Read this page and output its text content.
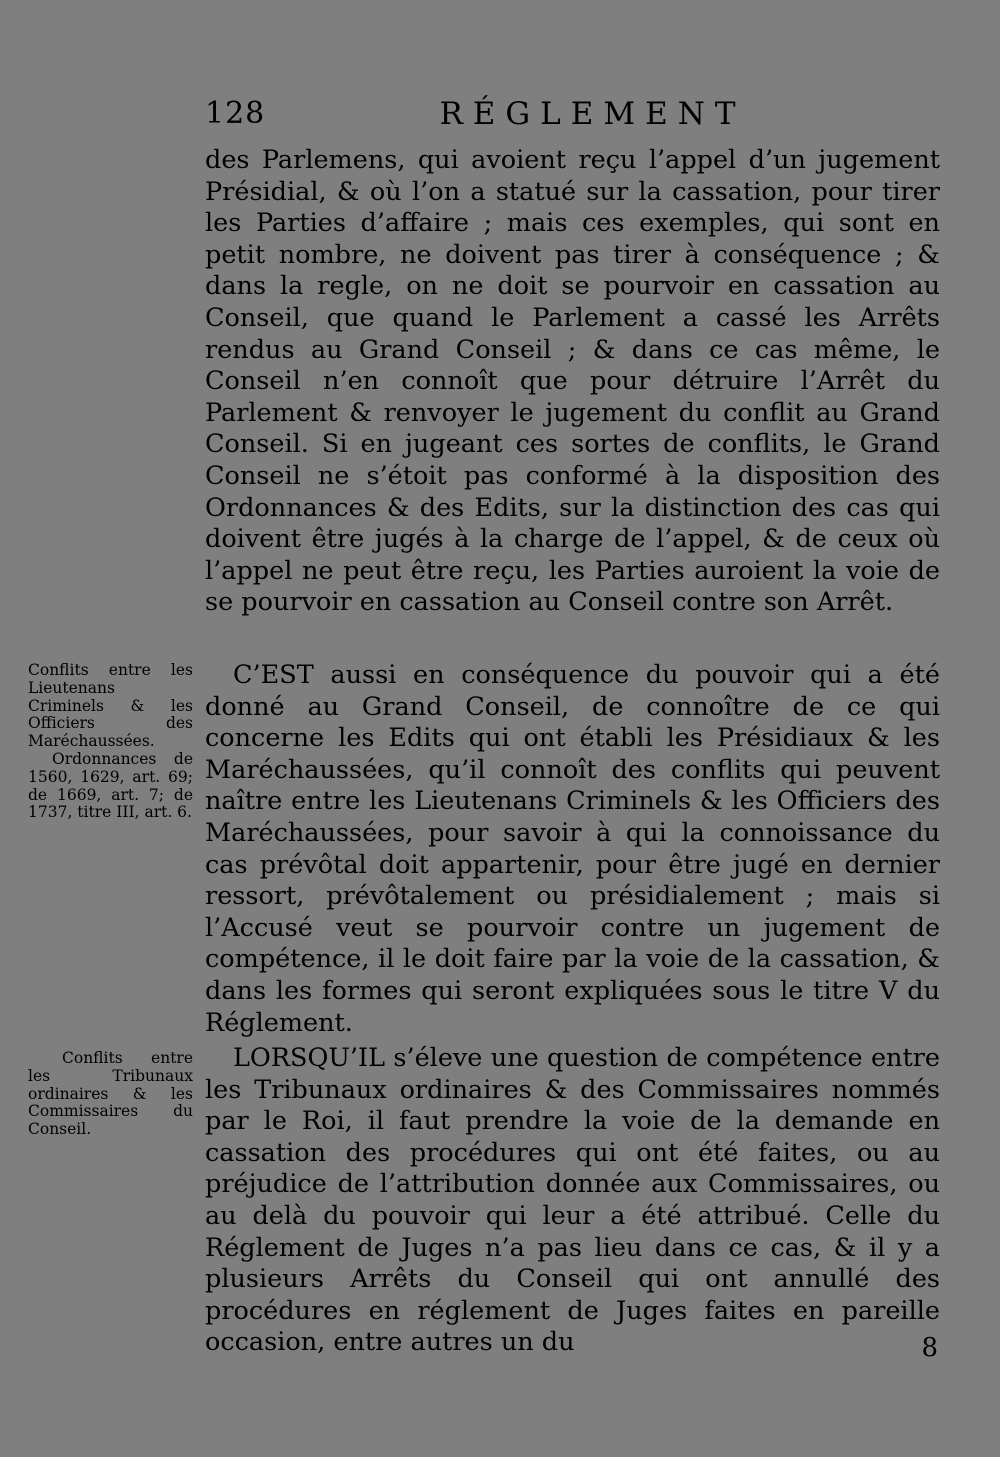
128	RÉGLEMENT

des Parlemens, qui avoient reçu l’appel d’un jugement Présidial, & où l’on a statué sur la cassation, pour tirer les Parties d’affaire ; mais ces exemples, qui sont en petit nombre, ne doivent pas tirer à conséquence ; & dans la regle, on ne doit se pourvoir en cassation au Conseil, que quand le Parlement a cassé les Arrêts rendus au Grand Conseil ; & dans ce cas même, le Conseil n’en connoît que pour détruire l’Arrêt du Parlement & renvoyer le jugement du conflit au Grand Conseil. Si en jugeant ces sortes de conflits, le Grand Conseil ne s’étoit pas conformé à la disposition des Ordonnances & des Edits, sur la distinction des cas qui doivent être jugés à la charge de l’appel, & de ceux où l’appel ne peut être reçu, les Parties auroient la voie de se pourvoir en cassation au Conseil contre son Arrêt.

Conflits entre les Lieutenans Criminels & les Officiers des Maréchaussées.
Ordonnances de 1560, 1629, art. 69; de 1669, art. 7; de 1737, titre III, art. 6.

C’EST aussi en conséquence du pouvoir qui a été donné au Grand Conseil, de connoître de ce qui concerne les Edits qui ont établi les Présidiaux & les Maréchaussées, qu’il connoît des conflits qui peuvent naître entre les Lieutenans Criminels & les Officiers des Maréchaussées, pour savoir à qui la connoissance du cas prévôtal doit appartenir, pour être jugé en dernier ressort, prévôtalement ou présidialement ; mais si l’Accusé veut se pourvoir contre un jugement de compétence, il le doit faire par la voie de la cassation, & dans les formes qui seront expliquées sous le titre V du Réglement.

Conflits entre les Tribunaux ordinaires & les Commissaires du Conseil.

LORSQU’IL s’éleve une question de compétence entre les Tribunaux ordinaires & des Commissaires nommés par le Roi, il faut prendre la voie de la demande en cassation des procédures qui ont été faites, ou au préjudice de l’attribution donnée aux Commissaires, ou au delà du pouvoir qui leur a été attribué. Celle du Réglement de Juges n’a pas lieu dans ce cas, & il y a plusieurs Arrêts du Conseil qui ont annullé des procédures en réglement de Juges faites en pareille occasion, entre autres un du	8
